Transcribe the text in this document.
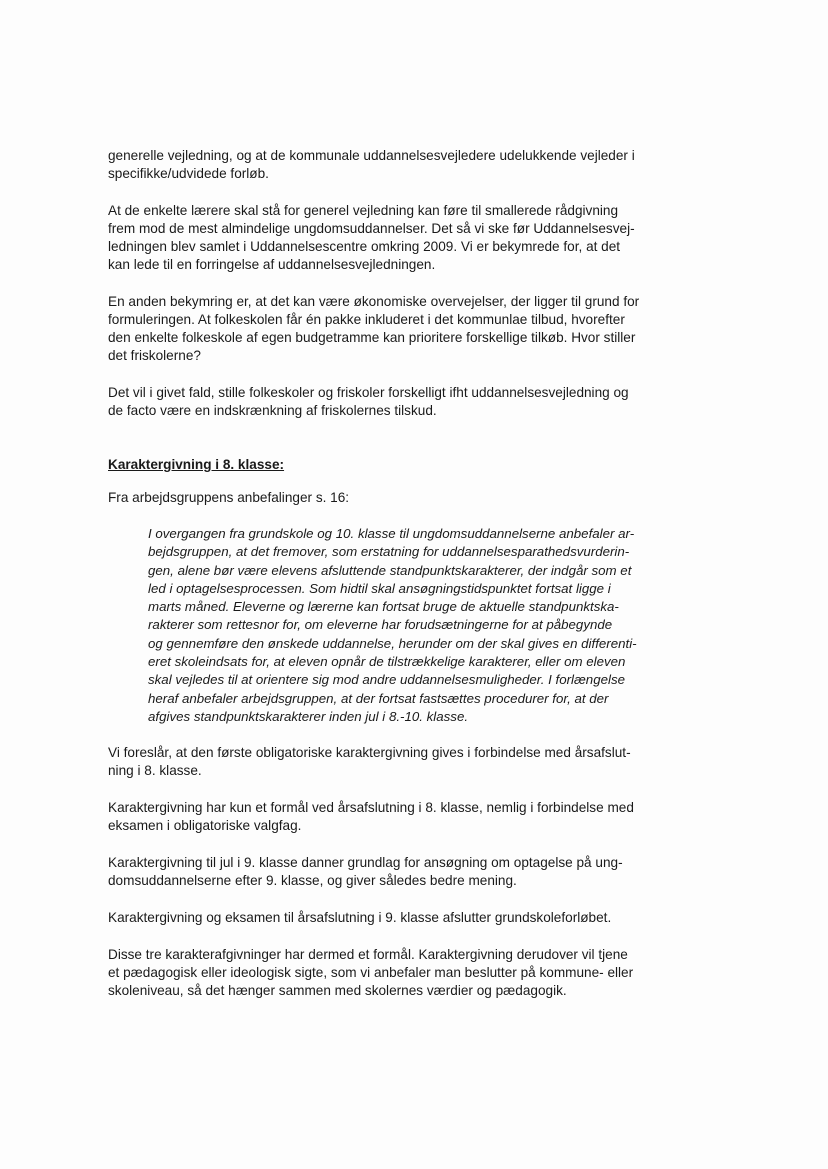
generelle vejledning, og at de kommunale uddannelsesvejledere udelukkende vejleder i
specifikke/udvidede forløb.
At de enkelte lærere skal stå for generel vejledning kan føre til smallerede rådgivning
frem mod de mest almindelige ungdomsuddannelser. Det så vi ske før Uddannelsesvej-
ledningen blev samlet i Uddannelsescentre omkring 2009. Vi er bekymrede for, at det
kan lede til en forringelse af uddannelsesvejledningen.
En anden bekymring er, at det kan være økonomiske overvejelser, der ligger til grund for
formuleringen. At folkeskolen får én pakke inkluderet i det kommunlae tilbud, hvorefter
den enkelte folkeskole af egen budgetramme kan prioritere forskellige tilkøb. Hvor stiller
det friskolerne?
Det vil i givet fald, stille folkeskoler og friskoler forskelligt ifht uddannelsesvejledning og
de facto være en indskrænkning af friskolernes tilskud.
Karaktergivning i 8. klasse:
Fra arbejdsgruppens anbefalinger s. 16:
I overgangen fra grundskole og 10. klasse til ungdomsuddannelserne anbefaler ar-
bejdsgruppen, at det fremover, som erstatning for uddannelsesparathedsvurderin-
gen, alene bør være elevens afsluttende standpunktskarakterer, der indgår som et
led i optagelsesprocessen. Som hidtil skal ansøgningstidspunktet fortsat ligge i
marts måned. Eleverne og lærerne kan fortsat bruge de aktuelle standpunktska-
rakterer som rettesnor for, om eleverne har forudsætningerne for at påbegynde
og gennemføre den ønskede uddannelse, herunder om der skal gives en differenti-
eret skoleindsats for, at eleven opnår de tilstrækkelige karakterer, eller om eleven
skal vejledes til at orientere sig mod andre uddannelsesmuligheder. I forlængelse
heraf anbefaler arbejdsgruppen, at der fortsat fastsættes procedurer for, at der
afgives standpunktskarakterer inden jul i 8.-10. klasse.
Vi foreslår, at den første obligatoriske karaktergivning gives i forbindelse med årsafslut-
ning i 8. klasse.
Karaktergivning har kun et formål ved årsafslutning i 8. klasse, nemlig i forbindelse med
eksamen i obligatoriske valgfag.
Karaktergivning til jul i 9. klasse danner grundlag for ansøgning om optagelse på ung-
domsuddannelserne efter 9. klasse, og giver således bedre mening.
Karaktergivning og eksamen til årsafslutning i 9. klasse afslutter grundskoleforløbet.
Disse tre karakterafgivninger har dermed et formål. Karaktergivning derudover vil tjene
et pædagogisk eller ideologisk sigte, som vi anbefaler man beslutter på kommune- eller
skoleniveau, så det hænger sammen med skolernes værdier og pædagogik.
